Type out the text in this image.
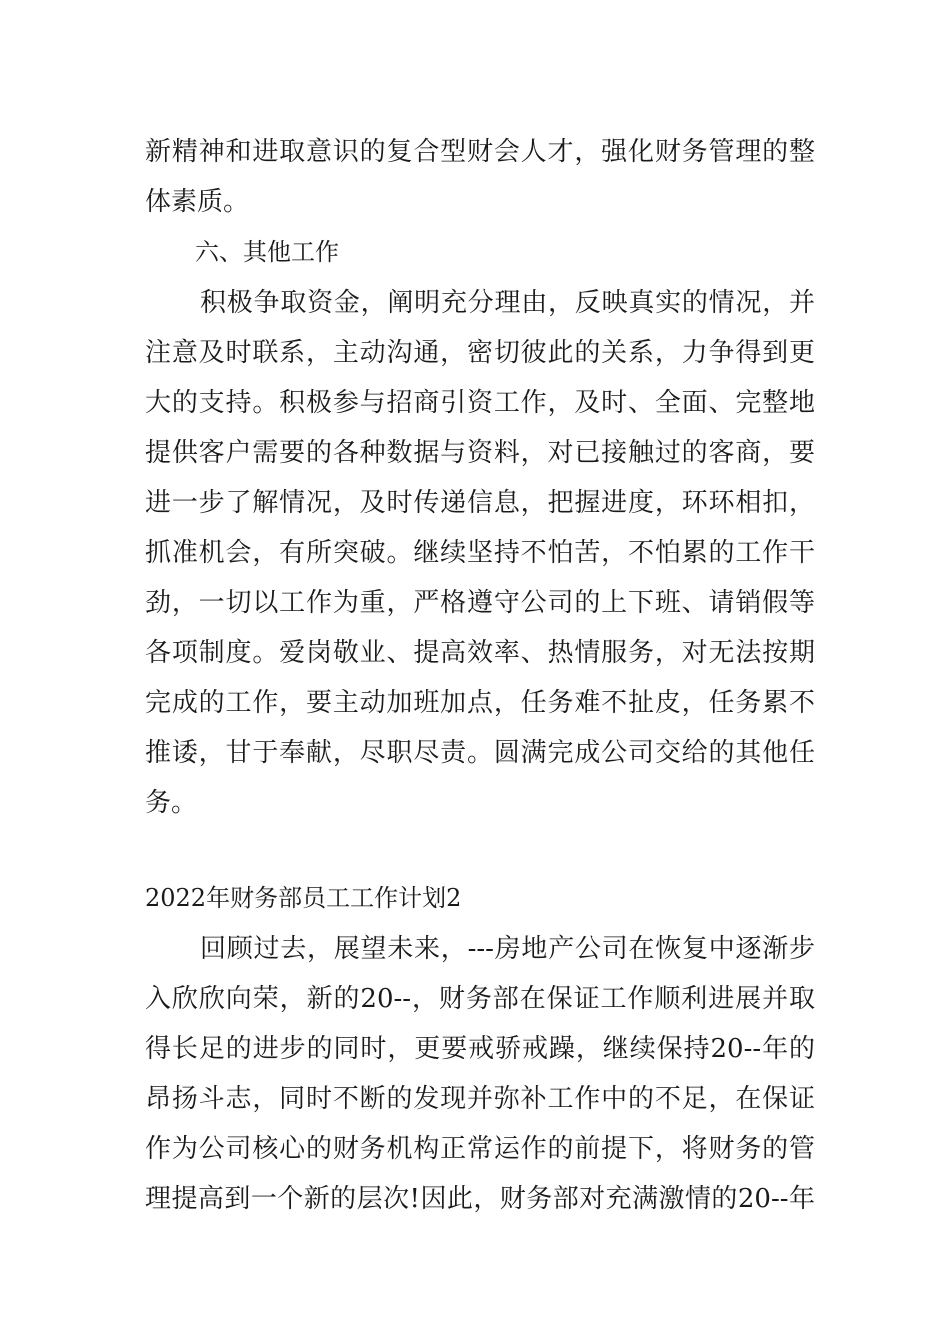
新精神和进取意识的复合型财会人才，强化财务管理的整
体素质。
六、其他工作
积极争取资金，阐明充分理由，反映真实的情况，并
注意及时联系，主动沟通，密切彼此的关系，力争得到更
大的支持。积极参与招商引资工作，及时、全面、完整地
提供客户需要的各种数据与资料，对已接触过的客商，要
进一步了解情况，及时传递信息，把握进度，环环相扣，
抓准机会，有所突破。继续坚持不怕苦，不怕累的工作干
劲，一切以工作为重，严格遵守公司的上下班、请销假等
各项制度。爱岗敬业、提高效率、热情服务，对无法按期
完成的工作，要主动加班加点，任务难不扯皮，任务累不
推诿，甘于奉献，尽职尽责。圆满完成公司交给的其他任
务。
2022年财务部员工工作计划2
回顾过去，展望未来，---房地产公司在恢复中逐渐步
入欣欣向荣，新的20--，财务部在保证工作顺利进展并取
得长足的进步的同时，更要戒骄戒躁，继续保持20--年的
昂扬斗志，同时不断的发现并弥补工作中的不足，在保证
作为公司核心的财务机构正常运作的前提下，将财务的管
理提高到一个新的层次!因此，财务部对充满激情的20--年
